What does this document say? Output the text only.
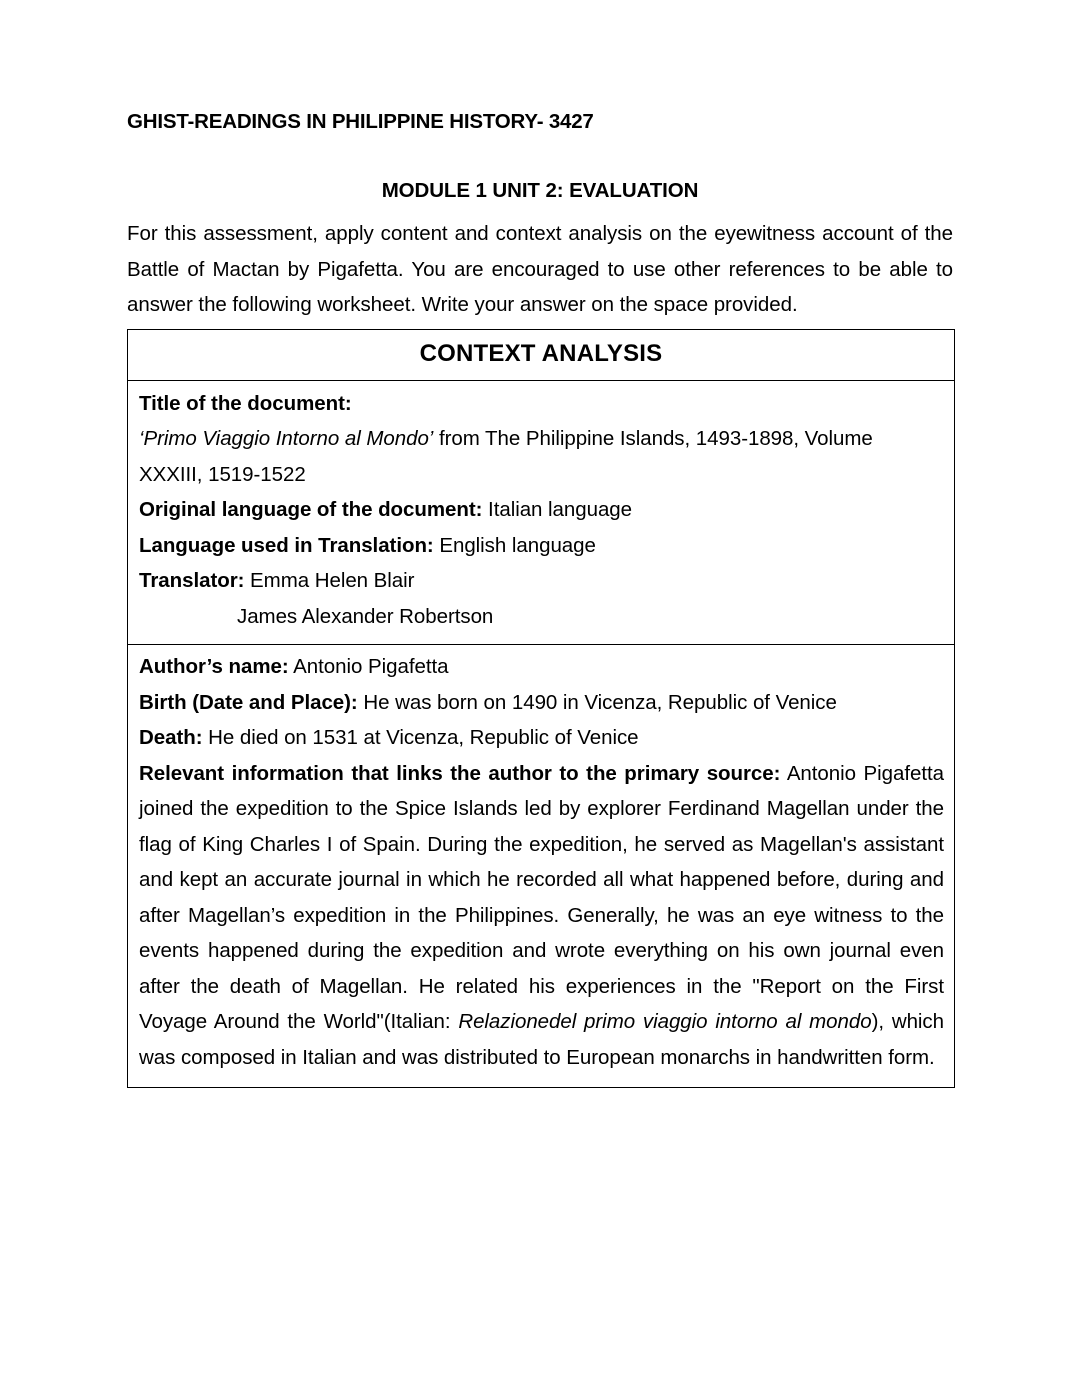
GHIST-READINGS IN PHILIPPINE HISTORY- 3427
MODULE 1 UNIT 2: EVALUATION
For this assessment, apply content and context analysis on the eyewitness account of the Battle of Mactan by Pigafetta. You are encouraged to use other references to be able to answer the following worksheet. Write your answer on the space provided.
CONTEXT ANALYSIS
Title of the document:
‘Primo Viaggio Intorno al Mondo’ from The Philippine Islands, 1493-1898, Volume
XXXIII, 1519-1522
Original language of the document: Italian language
Language used in Translation: English language
Translator: Emma Helen Blair
James Alexander Robertson
Author’s name: Antonio Pigafetta
Birth (Date and Place): He was born on 1490 in Vicenza, Republic of Venice
Death: He died on 1531 at Vicenza, Republic of Venice

Relevant information that links the author to the primary source: Antonio Pigafetta joined the expedition to the Spice Islands led by explorer Ferdinand Magellan under the flag of King Charles I of Spain. During the expedition, he served as Magellan's assistant and kept an accurate journal in which he recorded all what happened before, during and after Magellan’s expedition in the Philippines. Generally, he was an eye witness to the events happened during the expedition and wrote everything on his own journal even after the death of Magellan. He related his experiences in the "Report on the First Voyage Around the World"(Italian: Relazionedel primo viaggio intorno al mondo), which was composed in Italian and was distributed to European monarchs in handwritten form.
